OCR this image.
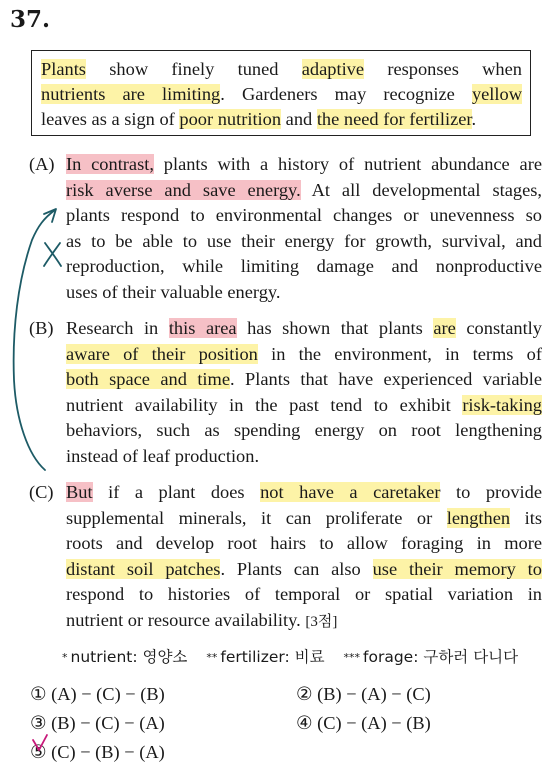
37.
Plants show finely tuned adaptive responses when
nutrients are limiting. Gardeners may recognize yellow
leaves as a sign of poor nutrition and the need for fertilizer.
(A) In contrast, plants with a history of nutrient abundance are
risk averse and save energy. At all developmental stages,
plants respond to environmental changes or unevenness so
as to be able to use their energy for growth, survival, and
reproduction, while limiting damage and nonproductive
uses of their valuable energy.
(B) Research in this area has shown that plants are constantly
aware of their position in the environment, in terms of
both space and time. Plants that have experienced variable
nutrient availability in the past tend to exhibit risk-taking
behaviors, such as spending energy on root lengthening
instead of leaf production.
(C) But if a plant does not have a caretaker to provide
supplemental minerals, it can proliferate or lengthen its
roots and develop root hairs to allow foraging in more
distant soil patches. Plants can also use their memory to
respond to histories of temporal or spatial variation in
nutrient or resource availability. [3점]
* nutrient: 영양소 ** fertilizer: 비료 *** forage: 구하러 다니다
① (A) − (C) − (B)	② (B) − (A) − (C)
③ (B) − (C) − (A)	④ (C) − (A) − (B)
⑤ (C) − (B) − (A)
